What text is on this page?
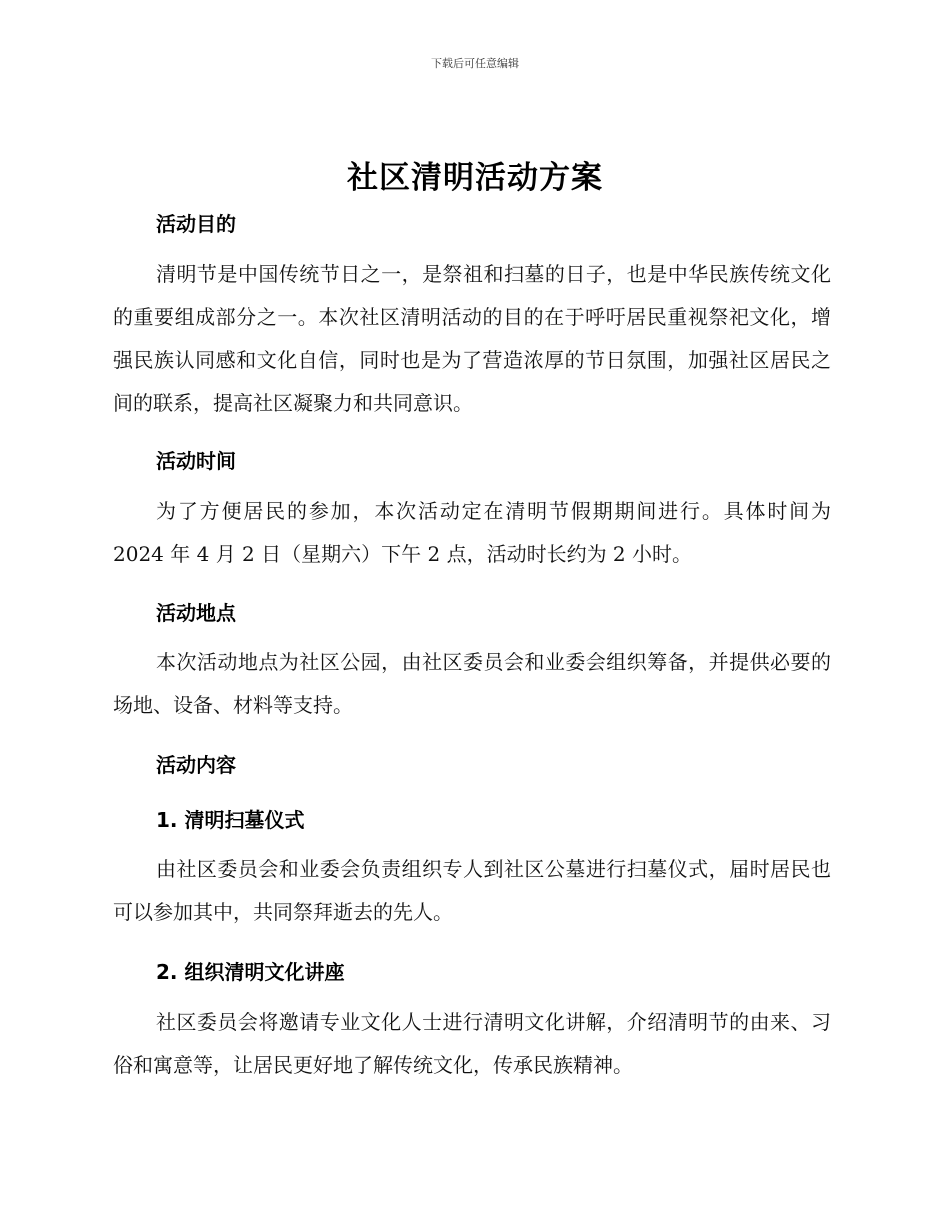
下载后可任意编辑
社区清明活动方案
活动目的
清明节是中国传统节日之一，是祭祖和扫墓的日子，也是中华民族传统文化的重要组成部分之一。本次社区清明活动的目的在于呼吁居民重视祭祀文化，增强民族认同感和文化自信，同时也是为了营造浓厚的节日氛围，加强社区居民之间的联系，提高社区凝聚力和共同意识。
活动时间
为了方便居民的参加，本次活动定在清明节假期期间进行。具体时间为 2024 年 4 月 2 日（星期六）下午 2 点，活动时长约为 2 小时。
活动地点
本次活动地点为社区公园，由社区委员会和业委会组织筹备，并提供必要的场地、设备、材料等支持。
活动内容
1. 清明扫墓仪式
由社区委员会和业委会负责组织专人到社区公墓进行扫墓仪式，届时居民也可以参加其中，共同祭拜逝去的先人。
2. 组织清明文化讲座
社区委员会将邀请专业文化人士进行清明文化讲解，介绍清明节的由来、习俗和寓意等，让居民更好地了解传统文化，传承民族精神。
